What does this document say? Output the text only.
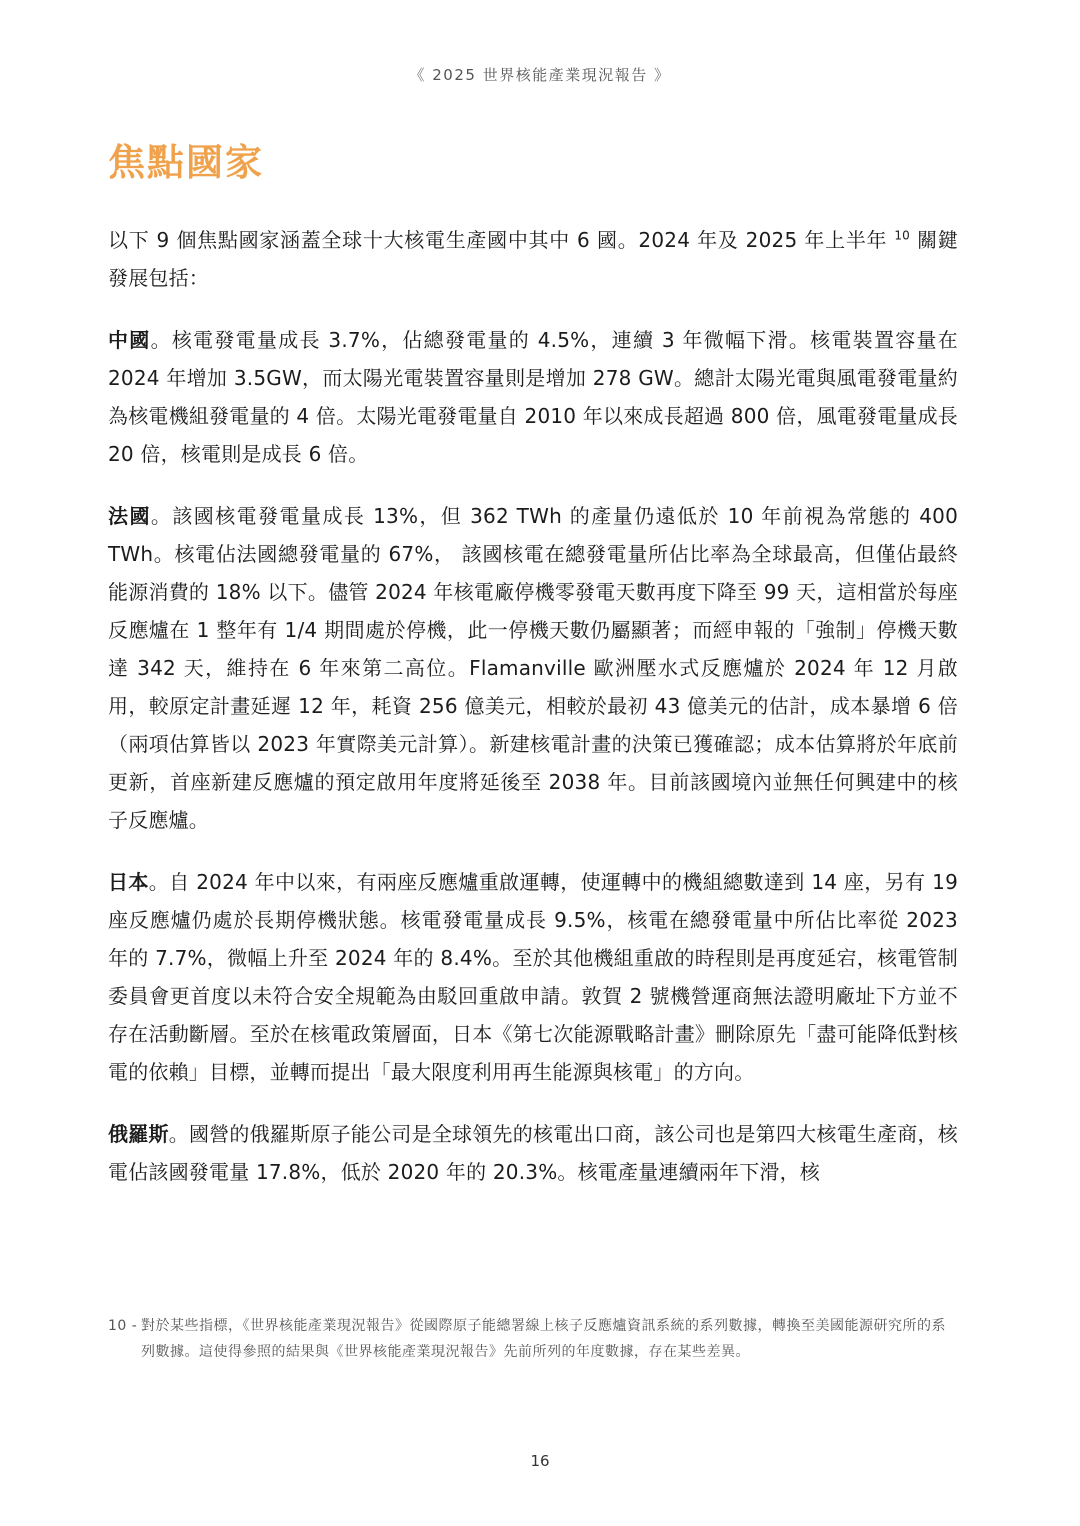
《 2025 世界核能產業現況報告 》
焦點國家

以下 9 個焦點國家涵蓋全球十大核電生產國中其中 6 國。2024 年及 2025 年上半年 $^{10}$ 關鍵發展包括：

中國。核電發電量成長 3.7%，佔總發電量的 4.5%，連續 3 年微幅下滑。核電裝置容量在 2024 年增加 3.5GW，而太陽光電裝置容量則是增加 278 GW。總計太陽光電與風電發電量約為核電機組發電量的 4 倍。太陽光電發電量自 2010 年以來成長超過 800 倍，風電發電量成長 20 倍，核電則是成長 6 倍。

法國。該國核電發電量成長 13%，但 362 TWh 的產量仍遠低於 10 年前視為常態的 400 TWh。核電佔法國總發電量的 67%， 該國核電在總發電量所佔比率為全球最高，但僅佔最終能源消費的 18% 以下。儘管 2024 年核電廠停機零發電天數再度下降至 99 天，這相當於每座反應爐在 1 整年有 1/4 期間處於停機，此一停機天數仍屬顯著；而經申報的「強制」停機天數達 342 天，維持在 6 年來第二高位。Flamanville 歐洲壓水式反應爐於 2024 年 12 月啟用，較原定計畫延遲 12 年，耗資 256 億美元，相較於最初 43 億美元的估計，成本暴增 6 倍（兩項估算皆以 2023 年實際美元計算）。新建核電計畫的決策已獲確認；成本估算將於年底前更新，首座新建反應爐的預定啟用年度將延後至 2038 年。目前該國境內並無任何興建中的核子反應爐。

日本。自 2024 年中以來，有兩座反應爐重啟運轉，使運轉中的機組總數達到 14 座，另有 19 座反應爐仍處於長期停機狀態。核電發電量成長 9.5%，核電在總發電量中所佔比率從 2023 年的 7.7%，微幅上升至 2024 年的 8.4%。至於其他機組重啟的時程則是再度延宕，核電管制委員會更首度以未符合安全規範為由駁回重啟申請。敦賀 2 號機營運商無法證明廠址下方並不存在活動斷層。至於在核電政策層面，日本《第七次能源戰略計畫》刪除原先「盡可能降低對核電的依賴」目標，並轉而提出「最大限度利用再生能源與核電」的方向。

俄羅斯。國營的俄羅斯原子能公司是全球領先的核電出口商，該公司也是第四大核電生產商，核電佔該國發電量 17.8%，低於 2020 年的 20.3%。核電產量連續兩年下滑，核

10 - 對於某些指標，《世界核能產業現況報告》從國際原子能總署線上核子反應爐資訊系統的系列數據，轉換至美國能源研究所的系列數據。這使得參照的結果與《世界核能產業現況報告》先前所列的年度數據，存在某些差異。
16
